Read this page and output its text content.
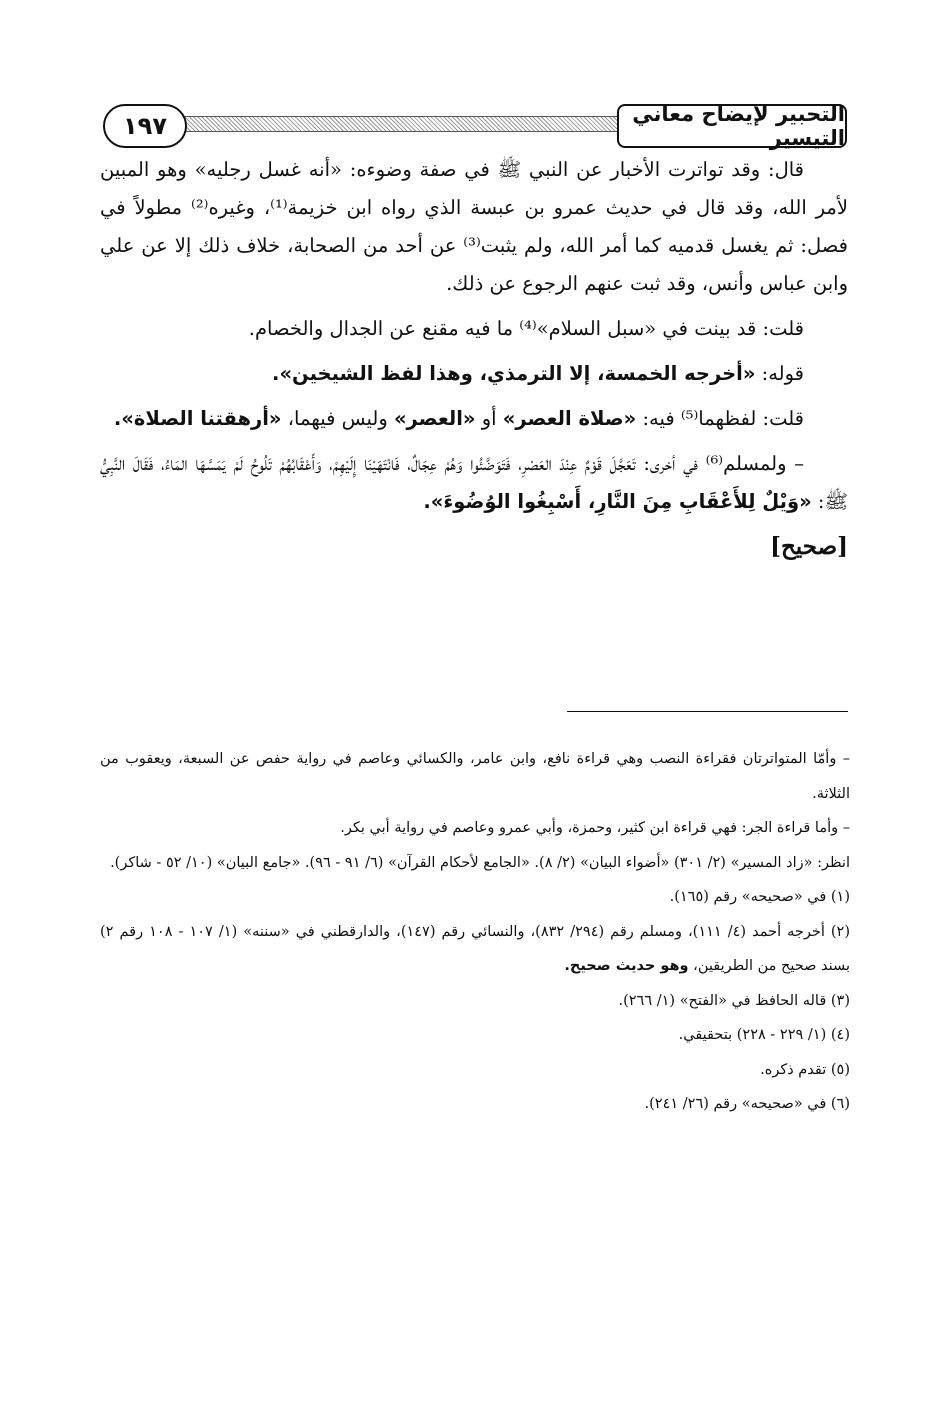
١٩٧	التحبير لإيضاح معاني التيسير

قال: وقد تواترت الأخبار عن النبي ﷺ في صفة وضوءه: «أنه غسل رجليه» وهو المبين لأمر الله، وقد قال في حديث عمرو بن عبسة الذي رواه ابن خزيمة⁽¹⁾، وغيره⁽²⁾ مطولاً في فصل: ثم يغسل قدميه كما أمر الله، ولم يثبت⁽³⁾ عن أحد من الصحابة، خلاف ذلك إلا عن علي وابن عباس وأنس، وقد ثبت عنهم الرجوع عن ذلك.

قلت: قد بينت في «سبل السلام»⁽⁴⁾ ما فيه مقنع عن الجدال والخصام.

قوله: «أخرجه الخمسة، إلا الترمذي، وهذا لفظ الشيخين».

قلت: لفظهما⁽⁵⁾ فيه: «صلاة العصر» أو «العصر» وليس فيهما، «أرهقتنا الصلاة».

– ولمسلم⁽⁶⁾ في أخرى: تَعَجَّلَ قَوْمٌ عِنْدَ العَصْرِ، فَتَوَضَّئُوا وَهُمْ عِجَالٌ، فَانْتَهَيْنَا إِلَيْهِمْ، وَأَعْقَابُهُمْ تَلُوحُ لَمْ يَمَسَّهَا المَاءُ، فَقَالَ النَّبِيُّ ﷺ: «وَيْلٌ لِلأَعْقَابِ مِنَ النَّارِ، أَسْبِغُوا الوُضُوءَ».

[صحيح]

– وأمّا المتواترتان فقراءة النصب وهي قراءة نافع، وابن عامر، والكسائي وعاصم في رواية حفص عن السبعة، ويعقوب من الثلاثة.

– وأما قراءة الجر: فهي قراءة ابن كثير، وحمزة، وأبي عمرو وعاصم في رواية أبي بكر.

انظر: «زاد المسير» (٢/ ٣٠١) «أضواء البيان» (٢/ ٨). «الجامع لأحكام القرآن» (٦/ ٩١ - ٩٦). «جامع البيان» (١٠/ ٥٢ - شاكر).

(١) في «صحيحه» رقم (١٦٥).

(٢) أخرجه أحمد (٤/ ١١١)، ومسلم رقم (٢٩٤/ ٨٣٢)، والنسائي رقم (١٤٧)، والدارقطني في «سننه» (١/ ١٠٧ - ١٠٨ رقم ٢) بسند صحيح من الطريقين، وهو حديث صحيح.

(٣) قاله الحافظ في «الفتح» (١/ ٢٦٦).

(٤) (١/ ٢٢٩ - ٢٢٨) بتحقيقي.

(٥) تقدم ذكره.

(٦) في «صحيحه» رقم (٢٦/ ٢٤١).
